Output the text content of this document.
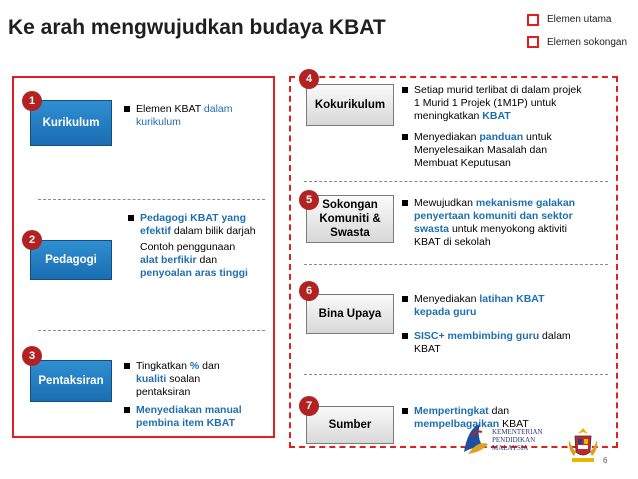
Ke arah mengwujudkan budaya KBAT	Elemen utama
Elemen sokongan
Kurikulum
1
Elemen KBAT dalam
kurikulum
Pedagogi
2
Pedagogi KBAT yang
efektif dalam bilik darjah
Contoh penggunaan
alat berfikir dan
penyoalan aras tinggi
Pentaksiran
3
Tingkatkan % dan
kualiti soalan
pentaksiran
Menyediakan manual
pembina item KBAT
Kokurikulum
4
Setiap murid terlibat di dalam projek
1 Murid 1 Projek (1M1P) untuk
meningkatkan KBAT
Menyediakan panduan untuk
Menyelesaikan Masalah dan
Membuat Keputusan
Sokongan
Komuniti &
Swasta
5	Mewujudkan mekanisme galakan
penyertaan komuniti dan sektor
swasta untuk menyokong aktiviti
KBAT di sekolah
Bina Upaya
6
Menyediakan latihan KBAT
kepada guru
SISC+ membimbing guru dalam
KBAT
Sumber
7	Mempertingkat dan
mempelbagaikan KBAT
KEMENTERIAN
PENDIDIKAN
MALAYSIA
6
